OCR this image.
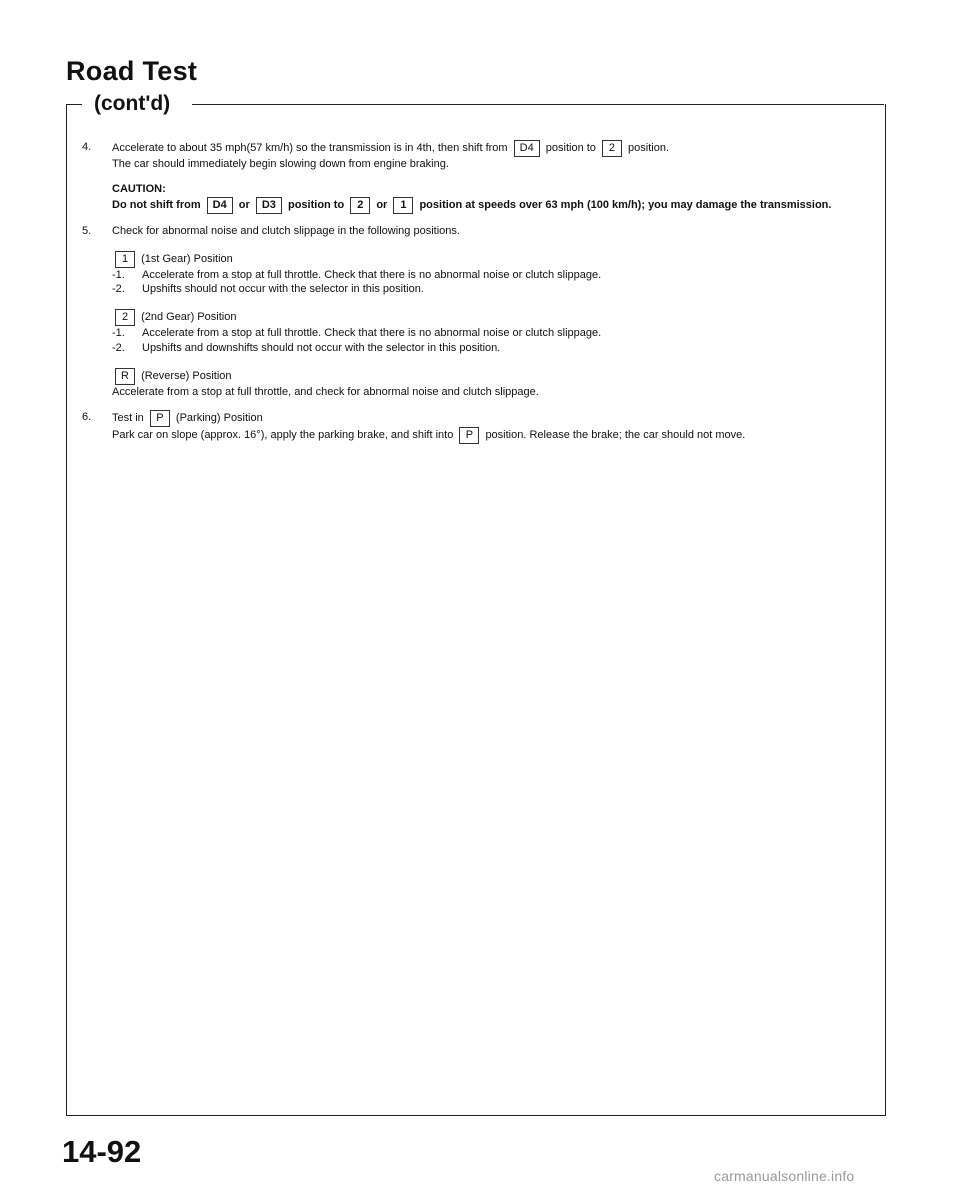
Road Test
(cont'd)
4.	Accelerate to about 35 mph(57 km/h) so the transmission is in 4th, then shift from D4 position to 2 position.

The car should immediately begin slowing down from engine braking.

CAUTION:

Do not shift from D4 or D3 position to 2 or 1 position at speeds over 63 mph (100 km/h); you may damage the transmission.

5.	Check for abnormal noise and clutch slippage in the following positions.

1 (1st Gear) Position

-1.	Accelerate from a stop at full throttle. Check that there is no abnormal noise or clutch slippage.
-2.	Upshifts should not occur with the selector in this position.

2 (2nd Gear) Position

-1.	Accelerate from a stop at full throttle. Check that there is no abnormal noise or clutch slippage.
-2.	Upshifts and downshifts should not occur with the selector in this position.

R (Reverse) Position

Accelerate from a stop at full throttle, and check for abnormal noise and clutch slippage.

6.	Test in P (Parking) Position

Park car on slope (approx. 16°), apply the parking brake, and shift into P position. Release the brake; the car should not move.

14-92
carmanualsonline.info
